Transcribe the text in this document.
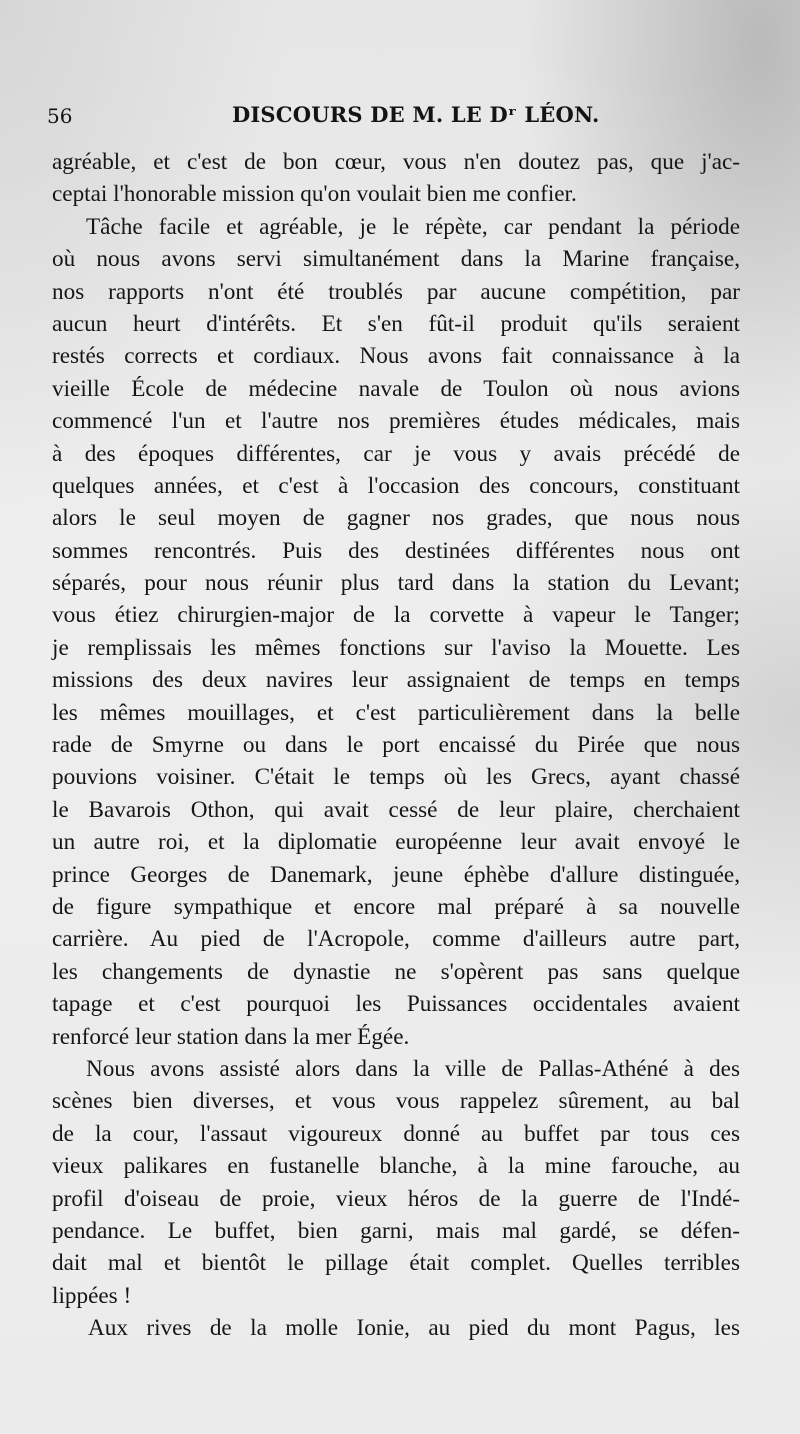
56	DISCOURS DE M. LE Dʳ LÉON.
agréable, et c'est de bon cœur, vous n'en doutez pas, que j'ac-
ceptai l'honorable mission qu'on voulait bien me confier.
Tâche facile et agréable, je le répète, car pendant la période
où nous avons servi simultanément dans la Marine française,
nos rapports n'ont été troublés par aucune compétition, par
aucun heurt d'intérêts. Et s'en fût-il produit qu'ils seraient
restés corrects et cordiaux. Nous avons fait connaissance à la
vieille École de médecine navale de Toulon où nous avions
commencé l'un et l'autre nos premières études médicales, mais
à des époques différentes, car je vous y avais précédé de
quelques années, et c'est à l'occasion des concours, constituant
alors le seul moyen de gagner nos grades, que nous nous
sommes rencontrés. Puis des destinées différentes nous ont
séparés, pour nous réunir plus tard dans la station du Levant;
vous étiez chirurgien-major de la corvette à vapeur le Tanger;
je remplissais les mêmes fonctions sur l'aviso la Mouette. Les
missions des deux navires leur assignaient de temps en temps
les mêmes mouillages, et c'est particulièrement dans la belle
rade de Smyrne ou dans le port encaissé du Pirée que nous
pouvions voisiner. C'était le temps où les Grecs, ayant chassé
le Bavarois Othon, qui avait cessé de leur plaire, cherchaient
un autre roi, et la diplomatie européenne leur avait envoyé le
prince Georges de Danemark, jeune éphèbe d'allure distinguée,
de figure sympathique et encore mal préparé à sa nouvelle
carrière. Au pied de l'Acropole, comme d'ailleurs autre part,
les changements de dynastie ne s'opèrent pas sans quelque
tapage et c'est pourquoi les Puissances occidentales avaient
renforcé leur station dans la mer Égée.
Nous avons assisté alors dans la ville de Pallas-Athéné à des
scènes bien diverses, et vous vous rappelez sûrement, au bal
de la cour, l'assaut vigoureux donné au buffet par tous ces
vieux palikares en fustanelle blanche, à la mine farouche, au
profil d'oiseau de proie, vieux héros de la guerre de l'Indé-
pendance. Le buffet, bien garni, mais mal gardé, se défen-
dait mal et bientôt le pillage était complet. Quelles terribles
lippées !
Aux rives de la molle Ionie, au pied du mont Pagus, les
